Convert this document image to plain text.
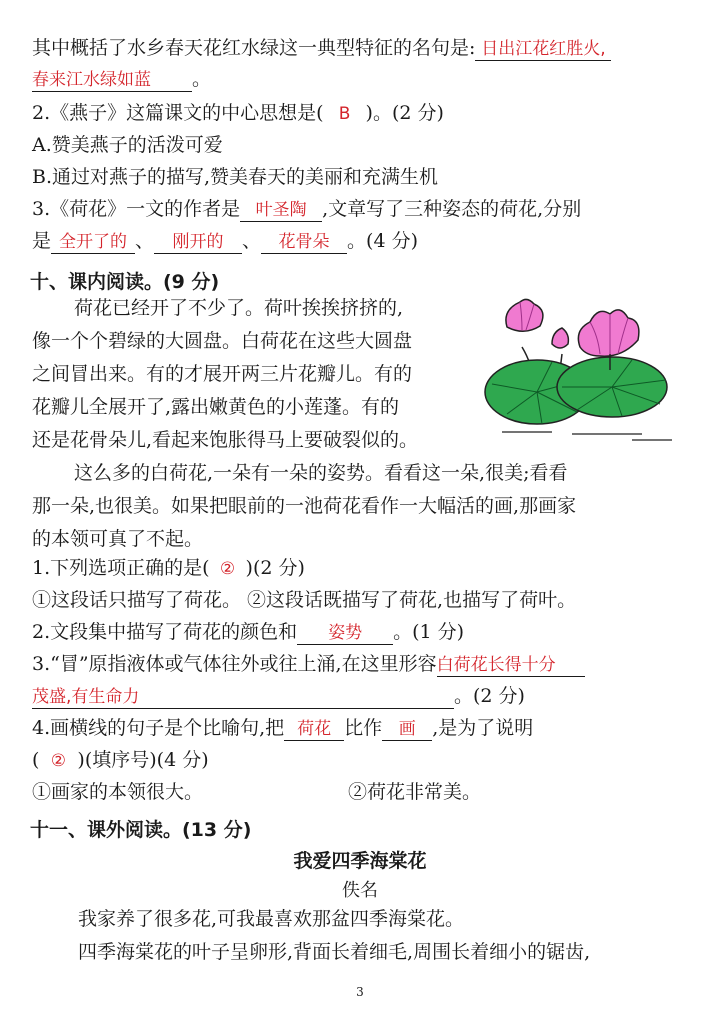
其中概括了水乡春天花红水绿这一典型特征的名句是: 日出江花红胜火,
春来江水绿如蓝 。
2.《燕子》这篇课文的中心思想是( B )。(2 分)
A.赞美燕子的活泼可爱
B.通过对燕子的描写,赞美春天的美丽和充满生机
3.《荷花》一文的作者是 叶圣陶 ,文章写了三种姿态的荷花,分别
是 全开了的 、 刚开的 、 花骨朵 。(4 分)
十、课内阅读。(9 分)
荷花已经开了不少了。荷叶挨挨挤挤的,
像一个个碧绿的大圆盘。白荷花在这些大圆盘
之间冒出来。有的才展开两三片花瓣儿。有的
花瓣儿全展开了,露出嫩黄色的小莲蓬。有的
还是花骨朵儿,看起来饱胀得马上要破裂似的。
这么多的白荷花,一朵有一朵的姿势。看看这一朵,很美;看看
那一朵,也很美。如果把眼前的一池荷花看作一大幅活的画,那画家
的本领可真了不起。
1.下列选项正确的是( ② )(2 分)
①这段话只描写了荷花。 ②这段话既描写了荷花,也描写了荷叶。
2.文段集中描写了荷花的颜色和 姿势 。(1 分)
3.“冒”原指液体或气体往外或往上涌,在这里形容白荷花长得十分
茂盛,有生命力	。(2 分)
4.画横线的句子是个比喻句,把 荷花 比作 画 ,是为了说明
( ② )(填序号)(4 分)
①画家的本领很大。	②荷花非常美。
十一、课外阅读。(13 分)
我爱四季海棠花
佚名
我家养了很多花,可我最喜欢那盆四季海棠花。
四季海棠花的叶子呈卵形,背面长着细毛,周围长着细小的锯齿,
3
